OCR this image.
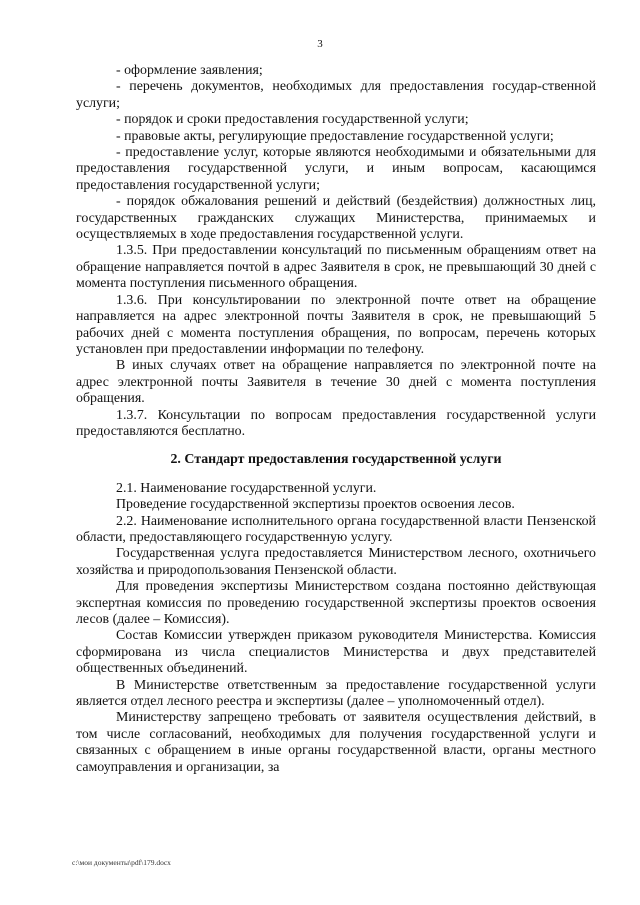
3

- оформление заявления;

- перечень документов, необходимых для предоставления государ-ственной услуги;

- порядок и сроки предоставления государственной услуги;

- правовые акты, регулирующие предоставление государственной услуги;

- предоставление услуг, которые являются необходимыми и обязательными для предоставления государственной услуги, и иным вопросам, касающимся предоставления государственной услуги;

- порядок обжалования решений и действий (бездействия) должностных лиц, государственных гражданских служащих Министерства, принимаемых и осуществляемых в ходе предоставления государственной услуги.

1.3.5. При предоставлении консультаций по письменным обращениям ответ на обращение направляется почтой в адрес Заявителя в срок, не превышающий 30 дней с момента поступления письменного обращения.

1.3.6. При консультировании по электронной почте ответ на обращение направляется на адрес электронной почты Заявителя в срок, не превышающий 5 рабочих дней с момента поступления обращения, по вопросам, перечень которых установлен при предоставлении информации по телефону.

В иных случаях ответ на обращение направляется по электронной почте на адрес электронной почты Заявителя в течение 30 дней с момента поступления обращения.

1.3.7. Консультации по вопросам предоставления государственной услуги предоставляются бесплатно.

2. Стандарт предоставления государственной услуги

2.1. Наименование государственной услуги.

Проведение государственной экспертизы проектов освоения лесов.

2.2. Наименование исполнительного органа государственной власти Пензенской области, предоставляющего государственную услугу.

Государственная услуга предоставляется Министерством лесного, охотничьего хозяйства и природопользования Пензенской области.

Для проведения экспертизы Министерством создана постоянно действующая экспертная комиссия по проведению государственной экспертизы проектов освоения лесов (далее – Комиссия).

Состав Комиссии утвержден приказом руководителя Министерства. Комиссия сформирована из числа специалистов Министерства и двух представителей общественных объединений.

В Министерстве ответственным за предоставление государственной услуги является отдел лесного реестра и экспертизы (далее – уполномоченный отдел).

Министерству запрещено требовать от заявителя осуществления действий, в том числе согласований, необходимых для получения государственной услуги и связанных с обращением в иные органы государственной власти, органы местного самоуправления и организации, за

c:\мои документы\pdf\179.docx
